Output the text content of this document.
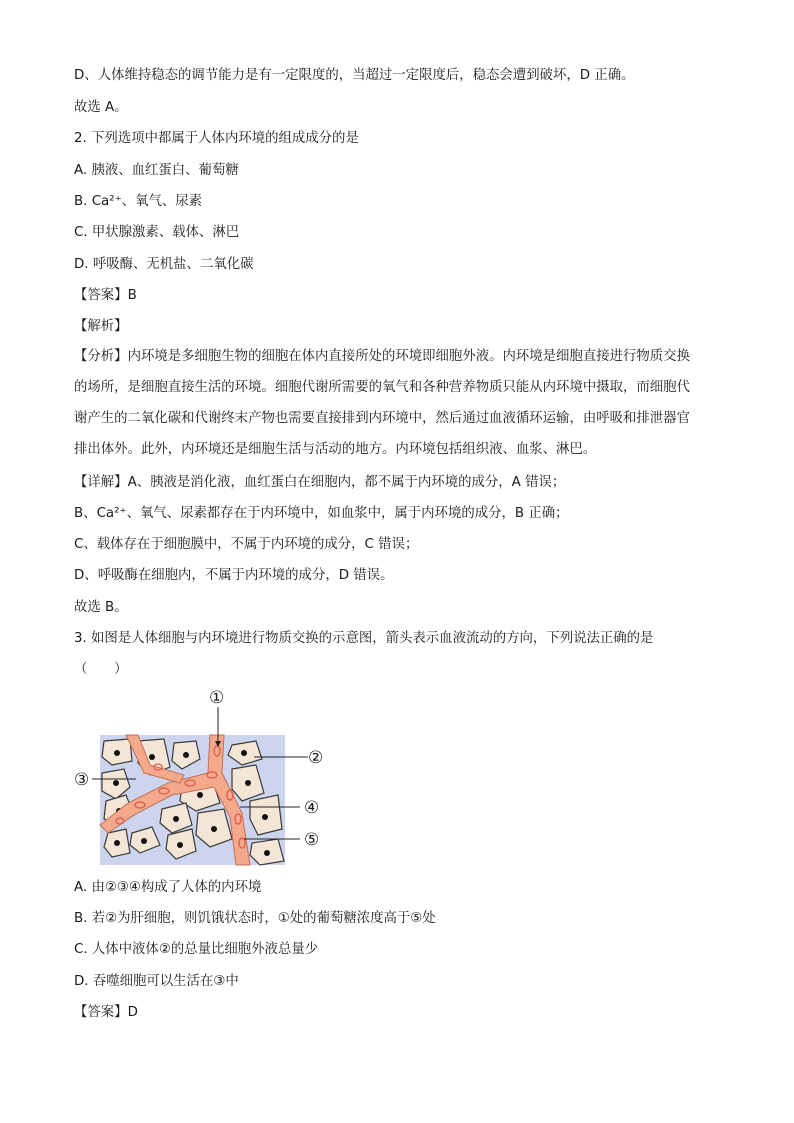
D、人体维持稳态的调节能力是有一定限度的，当超过一定限度后，稳态会遭到破坏，D 正确。
故选 A。
2. 下列选项中都属于人体内环境的组成成分的是
A. 胰液、血红蛋白、葡萄糖
B. Ca²⁺、氧气、尿素
C. 甲状腺激素、载体、淋巴
D. 呼吸酶、无机盐、二氧化碳
【答案】B
【解析】
【分析】内环境是多细胞生物的细胞在体内直接所处的环境即细胞外液。内环境是细胞直接进行物质交换
的场所，是细胞直接生活的环境。细胞代谢所需要的氧气和各种营养物质只能从内环境中摄取，而细胞代
谢产生的二氧化碳和代谢终末产物也需要直接排到内环境中，然后通过血液循环运输，由呼吸和排泄器官
排出体外。此外，内环境还是细胞生活与活动的地方。内环境包括组织液、血浆、淋巴。
【详解】A、胰液是消化液，血红蛋白在细胞内，都不属于内环境的成分，A 错误；
B、Ca²⁺、氧气、尿素都存在于内环境中，如血浆中，属于内环境的成分，B 正确；
C、载体存在于细胞膜中，不属于内环境的成分，C 错误；
D、呼吸酶在细胞内，不属于内环境的成分，D 错误。
故选 B。
3. 如图是人体细胞与内环境进行物质交换的示意图，箭头表示血液流动的方向，下列说法正确的是
（　　）
①
②
③
④
⑤
A. 由②③④构成了人体的内环境
B. 若②为肝细胞，则饥饿状态时，①处的葡萄糖浓度高于⑤处
C. 人体中液体②的总量比细胞外液总量少
D. 吞噬细胞可以生活在③中
【答案】D
